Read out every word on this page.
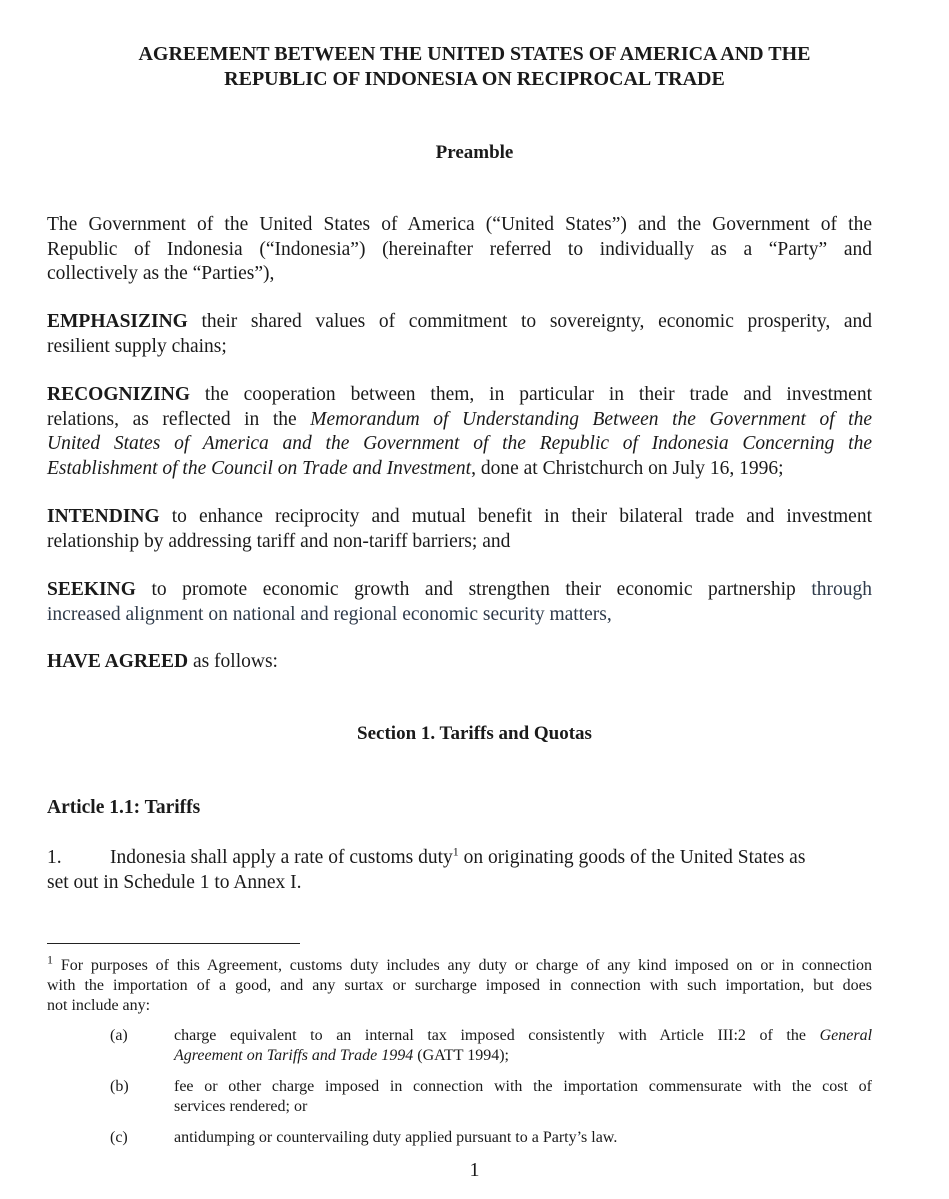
AGREEMENT BETWEEN THE UNITED STATES OF AMERICA AND THE
REPUBLIC OF INDONESIA ON RECIPROCAL TRADE
Preamble
The Government of the United States of America (“United States”) and the Government of the
Republic of Indonesia (“Indonesia”) (hereinafter referred to individually as a “Party” and
collectively as the “Parties”),
EMPHASIZING their shared values of commitment to sovereignty, economic prosperity, and
resilient supply chains;
RECOGNIZING the cooperation between them, in particular in their trade and investment
relations, as reflected in the Memorandum of Understanding Between the Government of the
United States of America and the Government of the Republic of Indonesia Concerning the
Establishment of the Council on Trade and Investment, done at Christchurch on July 16, 1996;
INTENDING to enhance reciprocity and mutual benefit in their bilateral trade and investment
relationship by addressing tariff and non-tariff barriers; and
SEEKING to promote economic growth and strengthen their economic partnership through
increased alignment on national and regional economic security matters,
HAVE AGREED as follows:
Section 1. Tariffs and Quotas
Article 1.1: Tariffs
1. Indonesia shall apply a rate of customs duty$^1$ on originating goods of the United States as
set out in Schedule 1 to Annex I.
$^1$ For purposes of this Agreement, customs duty includes any duty or charge of any kind imposed on or in connection
with the importation of a good, and any surtax or surcharge imposed in connection with such importation, but does
not include any:
(a)	charge equivalent to an internal tax imposed consistently with Article III:2 of the General
Agreement on Tariffs and Trade 1994 (GATT 1994);
(b)	fee or other charge imposed in connection with the importation commensurate with the cost of
services rendered; or
(c)	antidumping or countervailing duty applied pursuant to a Party’s law.
1
